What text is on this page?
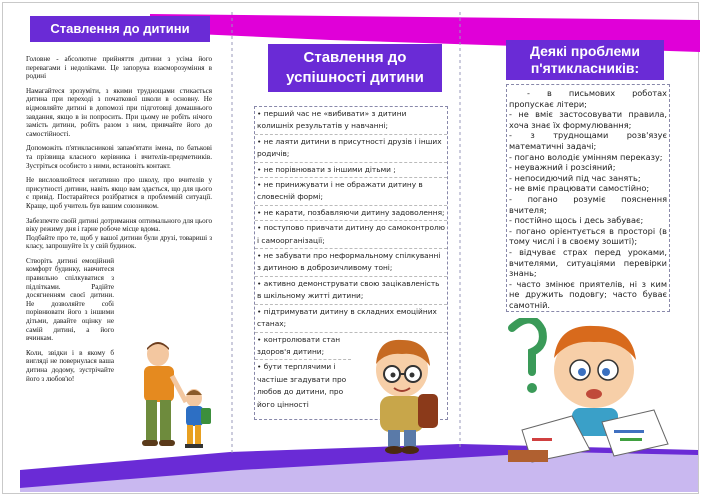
Ставлення до дитини

Головне - абсолютне прийняття дитини з усіма його перевагами і недоліками. Це запорука взаєморозуміння в родині

Намагайтеся зрозуміти, з якими труднощами стикається дитина при переході з початкової школи в основну. Не відмовляйте дитині в допомозі при підготовці домашнього завдання, якщо в ін попросить. При цьому не робіть нічого замість дитини, робіть разом з ним, привчайте його до самостійності.

Допоможіть п'ятикласникові запам'ятати імена, по батькові та прізвища класного керівника і вчителів-предметників. Зустріться особисто з ними, встановіть контакт.

Не висловлюйтеся негативно про школу, про вчителів у присутності дитини, навіть якщо вам здається, що для цього є привід. Постарайтеся розібратися в проблемній ситуації. Краще, щоб учитель був вашим союзником.

Забезпечте своїй дитині дотримання оптимального для цього віку режиму дня і гарне робоче місце вдома.

Подбайте про те, щоб у вашої дитини були друзі, товариші з класу, запрошуйте їх у свій будинок.

Створіть дитині емоційний комфорт будинку, навчитеся правильно спілкуватися з підлітками. Радійте досягненням своєї дитини. Не дозволяйте собі порівнювати його з іншими дітьми, давайте оцінку не самій дитині, а його вчинкам.

Коли, звідки і в якому б вигляді не повернулася ваша дитина додому, зустрічайте його з любов'ю!

Ставлення до
успішності дитини
• перший час не «вибивати» з дитини колишніх результатів у навчанні;
• не лаяти дитини в присутності друзів і інших родичів;
• не порівнювати з іншими дітьми ;
• не принижувати і не ображати дитину в словесній формі;
• не карати, позбавляючи дитину задоволення;
• поступово привчати дитину до самоконтролю і самоорганізації;
• не забувати про неформальному спілкуванні з дитиною в доброзичливому тоні;
• активно демонструвати свою зацікавленість в шкільному житті дитини;
• підтримувати дитину в складних емоційних станах;
• контролювати стан здоров'я дитини;
• бути терплячими і частіше згадувати про любов до дитини, про його цінності
Деякі проблеми
п'ятикласників:
- в письмових роботах пропускає літери;
- не вміє застосовувати правила, хоча знає їх формулювання;
- з труднощами розв'язує математичні задачі;
- погано володіє умінням переказу;
- неуважний і розсіяний;
- непосидючий під час занять;
- не вміє працювати самостійно;
- погано розуміє пояснення вчителя;
- постійно щось і десь забуває;
- погано орієнтується в просторі (в тому числі і в своєму зошиті);
- відчуває страх перед уроками, вчителями, ситуаціями перевірки знань;
- часто змінює приятелів, ні з ким не дружить подовгу; часто буває самотній.
